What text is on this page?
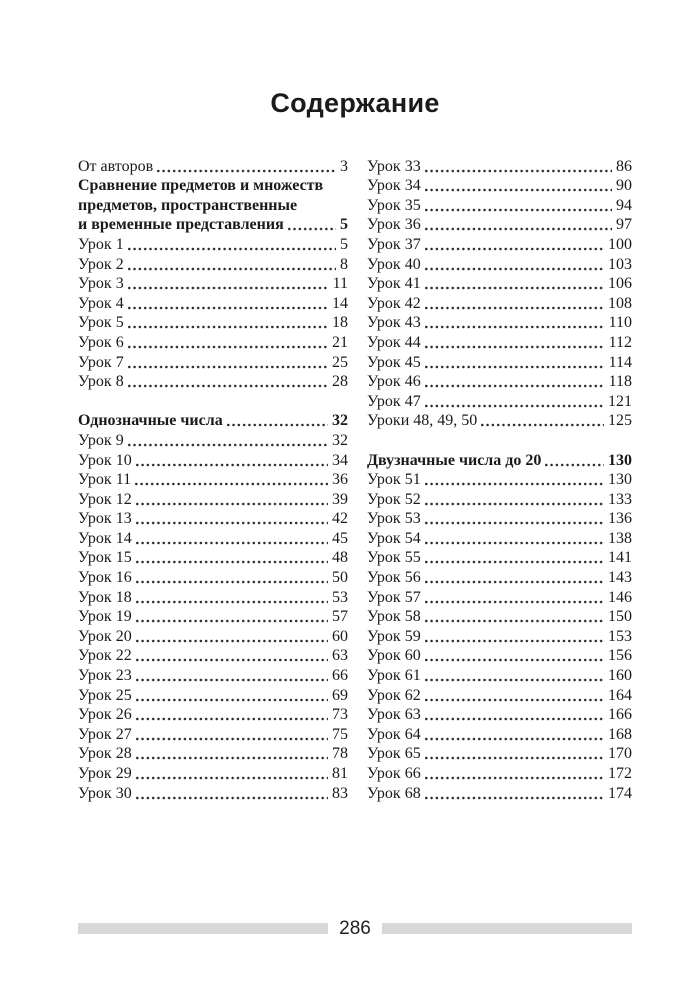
Содержание
От авторов	3
Сравнение предметов и множеств
предметов, пространственные
и временные представления	5
Урок 1	5
Урок 2	8
Урок 3	11
Урок 4	14
Урок 5	18
Урок 6	21
Урок 7	25
Урок 8	28
Однозначные числа	32
Урок 9	32
Урок 10	34
Урок 11	36
Урок 12	39
Урок 13	42
Урок 14	45
Урок 15	48
Урок 16	50
Урок 18	53
Урок 19	57
Урок 20	60
Урок 22	63
Урок 23	66
Урок 25	69
Урок 26	73
Урок 27	75
Урок 28	78
Урок 29	81
Урок 30	83
Урок 33	86
Урок 34	90
Урок 35	94
Урок 36	97
Урок 37	100
Урок 40	103
Урок 41	106
Урок 42	108
Урок 43	110
Урок 44	112
Урок 45	114
Урок 46	118
Урок 47	121
Уроки 48, 49, 50	125
Двузначные числа до 20	130
Урок 51	130
Урок 52	133
Урок 53	136
Урок 54	138
Урок 55	141
Урок 56	143
Урок 57	146
Урок 58	150
Урок 59	153
Урок 60	156
Урок 61	160
Урок 62	164
Урок 63	166
Урок 64	168
Урок 65	170
Урок 66	172
Урок 68	174
286
